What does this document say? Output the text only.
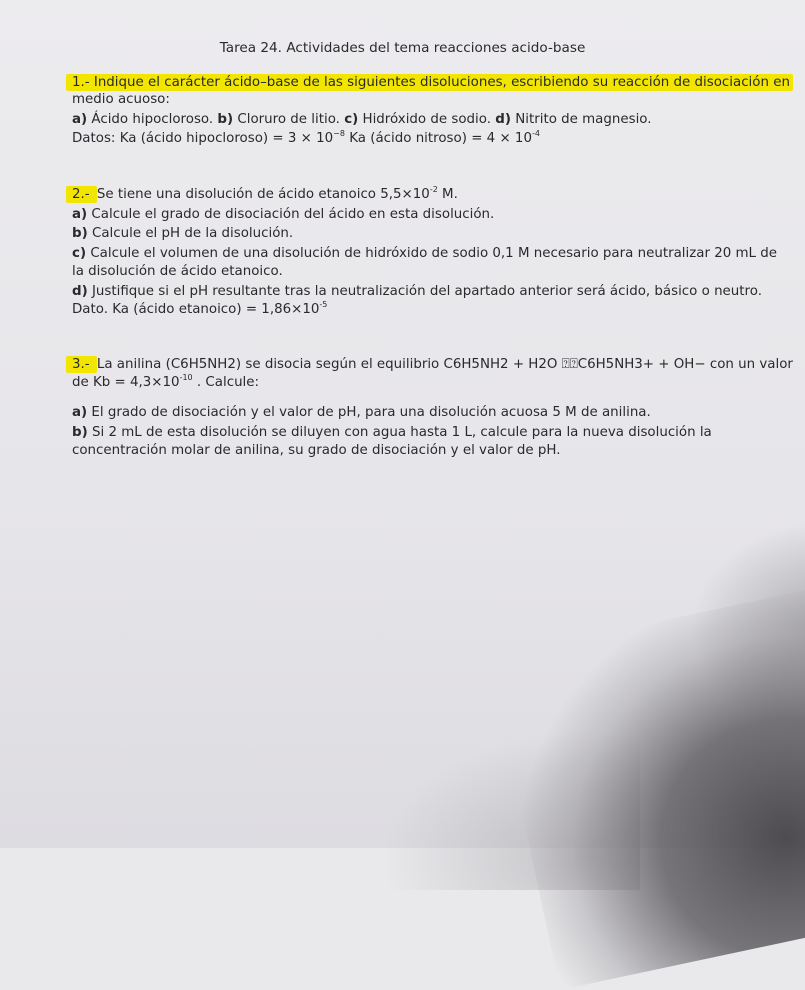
Tarea 24. Actividades del tema reacciones acido-base
1.- Indique el carácter ácido–base de las siguientes disoluciones, escribiendo su reacción de disociación en
medio acuoso:
a) Ácido hipocloroso. b) Cloruro de litio. c) Hidróxido de sodio. d) Nitrito de magnesio.
Datos: Ka (ácido hipocloroso) = $3 \times 10^{-8}$ Ka (ácido nitroso) = $4 \times 10^{-4}$
2.- Se tiene una disolución de ácido etanoico $5,5\times 10^{-2}$ M.
a) Calcule el grado de disociación del ácido en esta disolución.
b) Calcule el pH de la disolución.
c) Calcule el volumen de una disolución de hidróxido de sodio 0,1 M necesario para neutralizar 20 mL de
la disolución de ácido etanoico.
d) Justifique si el pH resultante tras la neutralización del apartado anterior será ácido, básico o neutro.
Dato. Ka (ácido etanoico) = $1,86\times 10^{-5}$
3.- La anilina (C6H5NH2) se disocia según el equilibrio C6H5NH2 + H2O ⍰⍰C6H5NH3+ + OH− con un valor
de $Kb = 4,3\times 10^{-10}$ . Calcule:
a) El grado de disociación y el valor de pH, para una disolución acuosa 5 M de anilina.
b) Si 2 mL de esta disolución se diluyen con agua hasta 1 L, calcule para la nueva disolución la
concentración molar de anilina, su grado de disociación y el valor de pH.
